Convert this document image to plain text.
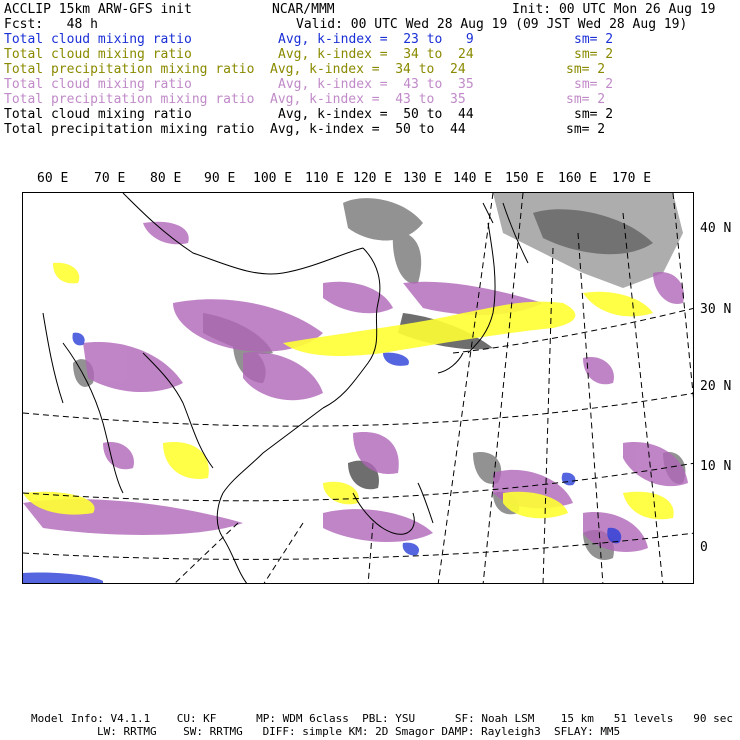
ACCLIP 15km ARW-GFS init	NCAR/MMM	Init: 00 UTC Mon 26 Aug 19
Fcst:   48 h	Valid: 00 UTC Wed 28 Aug 19 (09 JST Wed 28 Aug 19)
Total cloud mixing ratio	Avg, k-index =  23 to   9	sm= 2
Total cloud mixing ratio	Avg, k-index =  34 to  24	sm= 2
Total precipitation mixing ratio Avg, k-index =  34 to  24	sm= 2
Total cloud mixing ratio	Avg, k-index =  43 to  35	sm= 2
Total precipitation mixing ratio Avg, k-index =  43 to  35	sm= 2
Total cloud mixing ratio	Avg, k-index =  50 to  44	sm= 2
Total precipitation mixing ratio Avg, k-index =  50 to  44	sm= 2
60 E 70 E 80 E 90 E 100 E 110 E 120 E 130 E 140 E 150 E 160 E 170 E
40 N
30 N
20 N
10 N
0
Model Info: V4.1.1    CU: KF      MP: WDM 6class  PBL: YSU      SF: Noah LSM    15 km   51 levels   90 sec
LW: RRTMG    SW: RRTMG   DIFF: simple KM: 2D Smagor DAMP: Rayleigh3  SFLAY: MM5
